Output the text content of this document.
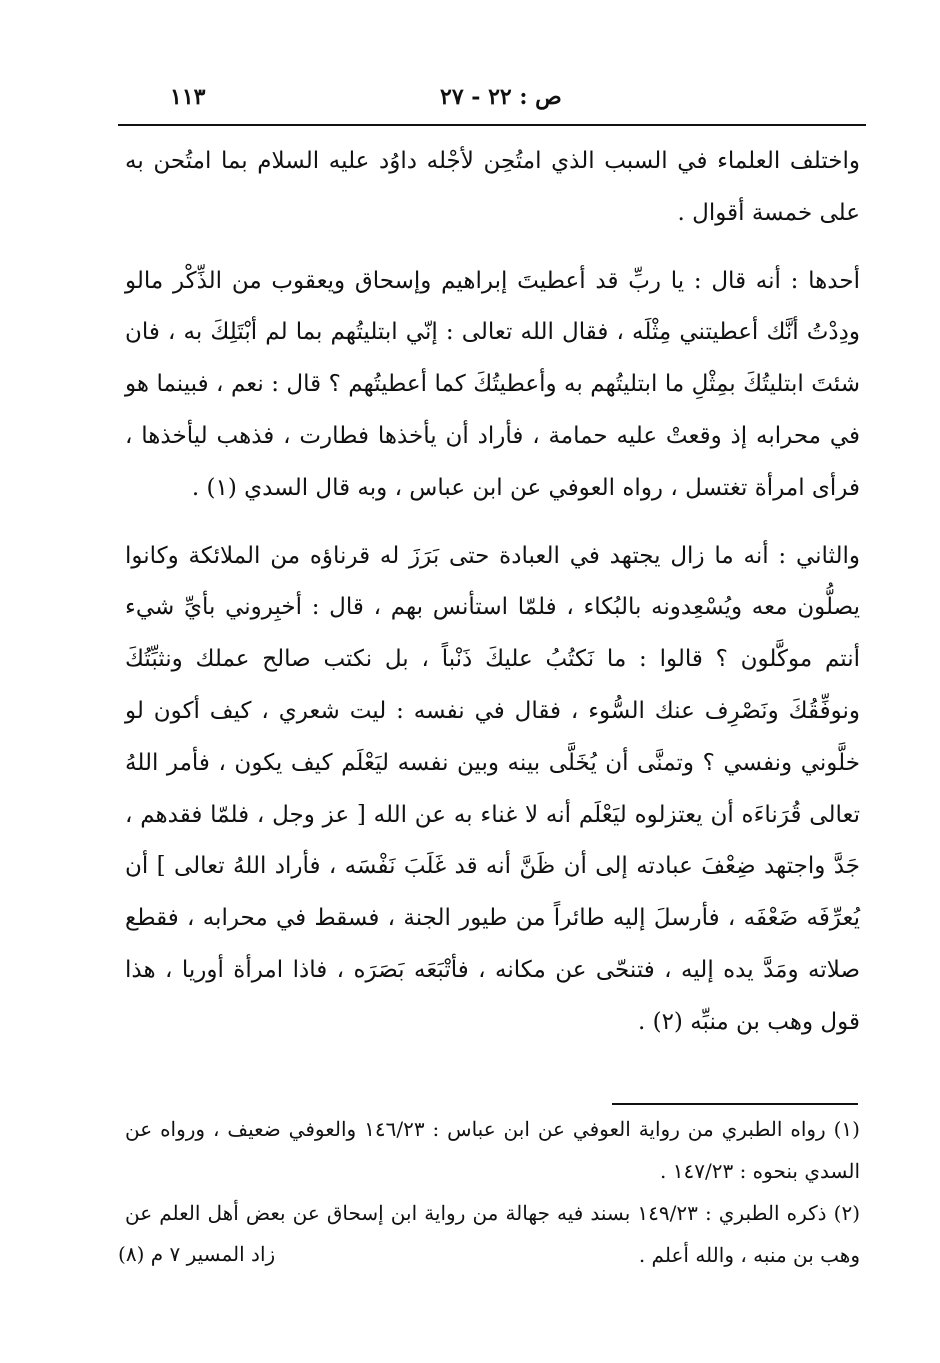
١١٣	ص : ٢٢ - ٢٧

واختلف العلماء في السبب الذي امتُحِن لأجْله داوُد عليه السلام بما امتُحن به على خمسة أقوال .

أحدها : أنه قال : يا ربِّ قد أعطيتَ إبراهيم وإسحاق ويعقوب من الذِّكْر مالو ودِدْتُ أنَّك أعطيتني مِثْلَه ، فقال الله تعالى : إنّي ابتليتُهم بما لم أبْتَلِكَ به ، فان شئتَ ابتليتُكَ بمِثْلِ ما ابتليتُهم به وأعطيتُكَ كما أعطيتُهم ؟ قال : نعم ، فبينما هو في محرابه إذ وقعتْ عليه حمامة ، فأراد أن يأخذها فطارت ، فذهب ليأخذها ، فرأى امرأة تغتسل ، رواه العوفي عن ابن عباس ، وبه قال السدي (١) .

والثاني : أنه ما زال يجتهد في العبادة حتى بَرَزَ له قرناؤه من الملائكة وكانوا يصلُّون معه ويُسْعِدونه بالبُكاء ، فلمّا استأنس بهم ، قال : أخبِروني بأيِّ شيء أنتم موكَّلون ؟ قالوا : ما نَكتُبُ عليكَ ذَنْباً ، بل نكتب صالح عملك ونثبِّتُكَ ونوفِّقُكَ ونَصْرِف عنك السُّوء ، فقال في نفسه : ليت شعري ، كيف أكون لو خلَّوني ونفسي ؟ وتمنَّى أن يُخَلَّى بينه وبين نفسه ليَعْلَم كيف يكون ، فأمر اللهُ تعالى قُرَناءَه أن يعتزلوه ليَعْلَم أنه لا غناء به عن الله [ عز وجل ، فلمّا فقدهم ، جَدَّ واجتهد ضِعْفَ عبادته إلى أن ظَنَّ أنه قد غَلَبَ نَفْسَه ، فأراد اللهُ تعالى ] أن يُعرِّفَه ضَعْفَه ، فأرسلَ إليه طائراً من طيور الجنة ، فسقط في محرابه ، فقطع صلاته ومَدَّ يده إليه ، فتنحّى عن مكانه ، فأتْبَعَه بَصَرَه ، فاذا امرأة أوريا ، هذا قول وهب بن منبِّه (٢) .

(١) رواه الطبري من رواية العوفي عن ابن عباس : ١٤٦/٢٣ والعوفي ضعيف ، ورواه عن السدي بنحوه : ١٤٧/٢٣ .

(٢) ذكره الطبري : ١٤٩/٢٣ بسند فيه جهالة من رواية ابن إسحاق عن بعض أهل العلم عن وهب بن منبه ، والله أعلم .

زاد المسير ٧ م (٨)
